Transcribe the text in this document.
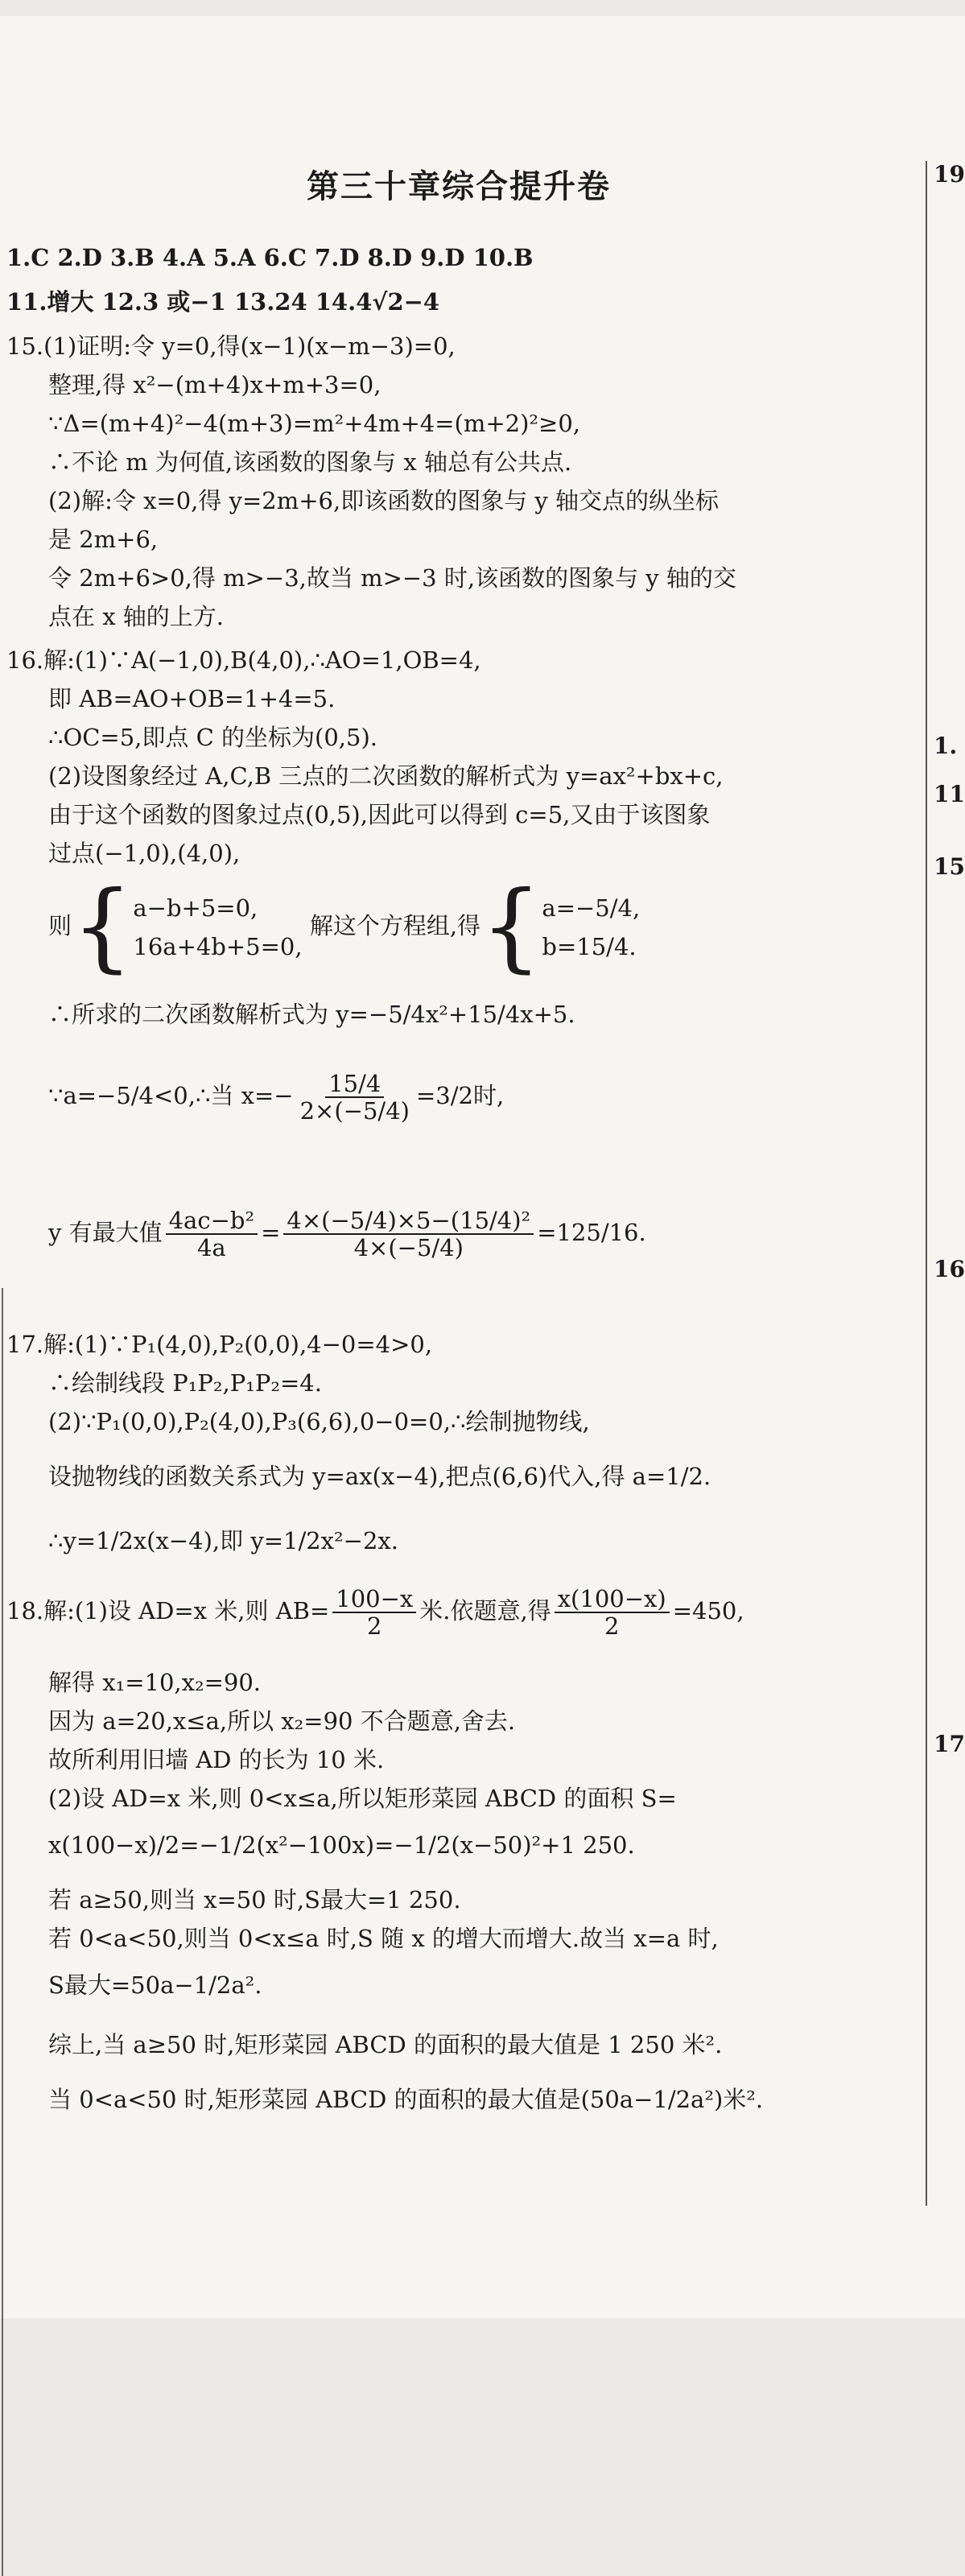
第三十章综合提升卷
1.C 2.D 3.B 4.A 5.A 6.C 7.D 8.D 9.D 10.B
11.增大 12.3 或−1 13.24 14.4√2−4
15.(1)证明:令 y=0,得(x−1)(x−m−3)=0,
整理,得 x²−(m+4)x+m+3=0,
∵Δ=(m+4)²−4(m+3)=m²+4m+4=(m+2)²≥0,
∴不论 m 为何值,该函数的图象与 x 轴总有公共点.
(2)解:令 x=0,得 y=2m+6,即该函数的图象与 y 轴交点的纵坐标
是 2m+6,
令 2m+6>0,得 m>−3,故当 m>−3 时,该函数的图象与 y 轴的交
点在 x 轴的上方.
16.解:(1)∵A(−1,0),B(4,0),∴AO=1,OB=4,
即 AB=AO+OB=1+4=5.
∴OC=5,即点 C 的坐标为(0,5).
(2)设图象经过 A,C,B 三点的二次函数的解析式为 y=ax²+bx+c,
由于这个函数的图象过点(0,5),因此可以得到 c=5,又由于该图象
过点(−1,0),(4,0),
则{a−b+5=0,
16a+4b+5=0, 解这个方程组,得{a=−5/4,
b=15/4.
∴所求的二次函数解析式为 y=−5/4x²+15/4x+5.
∵a=−5/4<0,∴当 $x=- \frac{15/4}{2\times(-5/4)} =3/2$时,
y 有最大值 $\frac{\text{4ac−b²}}{4a} = \frac{\text{4×(−5/4)×5−(15/4)²}}{4\times(-5/4)} =125/16$.
17.解:(1)∵P₁(4,0),P₂(0,0),4−0=4>0,
∴绘制线段 P₁P₂,P₁P₂=4.
(2)∵P₁(0,0),P₂(4,0),P₃(6,6),0−0=0,∴绘制抛物线,
设抛物线的函数关系式为 y=ax(x−4),把点(6,6)代入,得 a=1/2.
∴y=1/2x(x−4),即 y=1/2x²−2x.
18.解:(1)设 AD=x 米,则 $AB= \frac{100-x}{2}$ 米.依题意,得 $\frac{x(100-x)}{2} =450$,
解得 x₁=10,x₂=90.
因为 a=20,x≤a,所以 x₂=90 不合题意,舍去.
故所利用旧墙 AD 的长为 10 米.
(2)设 AD=x 米,则 0<x≤a,所以矩形菜园 ABCD 的面积 S=
x(100−x)/2=−1/2(x²−100x)=−1/2(x−50)²+1 250.
若 a≥50,则当 x=50 时,S最大=1 250.
若 0<a<50,则当 0<x≤a 时,S 随 x 的增大而增大.故当 x=a 时,
S最大=50a−1/2a².
综上,当 a≥50 时,矩形菜园 ABCD 的面积的最大值是 1 250 米².
当 0<a<50 时,矩形菜园 ABCD 的面积的最大值是(50a−1/2a²)米².
19
1.
11
15
16
17
